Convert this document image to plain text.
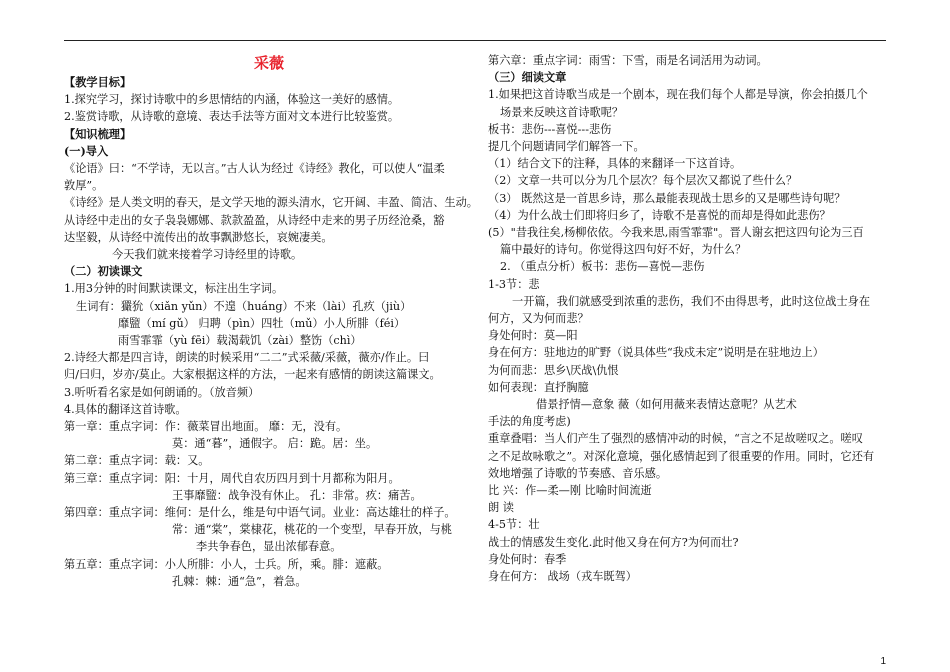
采薇
【教学目标】
1.探究学习，探讨诗歌中的乡思情结的内涵，体验这一美好的感情。
2.鉴赏诗歌，从诗歌的意境、表达手法等方面对文本进行比较鉴赏。
【知识梳理】
(一)导入
《论语》曰：“不学诗，无以言。”古人认为经过《诗经》教化，可以使人“温柔
敦厚”。
《诗经》是人类文明的春天，是文学天地的源头清水，它开阔、丰盈、简洁、生动。
从诗经中走出的女子袅袅娜娜、款款盈盈，从诗经中走来的男子历经沧桑，豁
达坚毅，从诗经中流传出的故事飘渺悠长，哀婉凄美。
今天我们就来接着学习诗经里的诗歌。
（二）初读课文
1.用3分钟的时间默读课文，标注出生字词。
生词有：玁狁（xiǎn yǔn）不遑（huáng）不来（lài）孔疚（jiù）
靡盬（mí gǔ） 归聘（pìn）四牡（mǔ）小人所腓（féi）
雨雪霏霏（yù fēi）载渴载饥（zài）整饬（chì）
2.诗经大都是四言诗，朗读的时候采用“二二”式采薇/采薇，薇亦/作止。曰
归/曰归，岁亦/莫止。大家根据这样的方法，一起来有感情的朗读这篇课文。
3.听听看名家是如何朗诵的。（放音频）
4.具体的翻译这首诗歌。
第一章：重点字词：作：薇菜冒出地面。 靡：无，没有。
莫：通“暮”，通假字。 启：跪。居：坐。
第二章：重点字词：载：又。
第三章：重点字词：阳：十月，周代自农历四月到十月都称为阳月。
王事靡盬：战争没有休止。 孔：非常。疚：痛苦。
第四章：重点字词：维何：是什么，维是句中语气词。业业：高达雄壮的样子。
常：通“棠”，棠棣花，桃花的一个变型，早春开放，与桃
李共争春色，显出浓郁春意。
第五章：重点字词：小人所腓：小人，士兵。所，乘。腓：遮蔽。
孔棘：棘：通“急”，着急。
第六章：重点字词：雨雪：下雪，雨是名词活用为动词。
（三）细读文章
1.如果把这首诗歌当成是一个剧本，现在我们每个人都是导演，你会拍摄几个
场景来反映这首诗歌呢？
板书：悲伤---喜悦---悲伤
提几个问题请同学们解答一下。
（1）结合文下的注释，具体的来翻译一下这首诗。
（2）文章一共可以分为几个层次？每个层次又都说了些什么？
（3） 既然这是一首思乡诗，那么最能表现战士思乡的又是哪些诗句呢？
（4）为什么战士们即将归乡了，诗歌不是喜悦的而却是得如此悲伤？
(5）"昔我往矣,杨柳依依。今我来思,雨雪霏霏"。晋人谢玄把这四句论为三百
篇中最好的诗句。你觉得这四句好不好，为什么？
2. （重点分析）板书：悲伤—喜悦—悲伤
1-3节：悲
一开篇，我们就感受到浓重的悲伤，我们不由得思考，此时这位战士身在
何方，又为何而悲？
身处何时：莫—阳
身在何方：驻地边的旷野（说具体些“我戍未定”说明是在驻地边上）
为何而悲：思乡\厌战\仇恨
如何表现：直抒胸臆
借景抒情—意象 薇（如何用薇来表情达意呢？从艺术
手法的角度考虑)
重章叠唱：当人们产生了强烈的感情冲动的时候，“言之不足故嗟叹之。嗟叹
之不足故咏歌之”。对深化意境，强化感情起到了很重要的作用。同时，它还有
效地增强了诗歌的节奏感、音乐感。
比 兴：作—柔—刚 比喻时间流逝
朗 读
4-5节：壮
战士的情感发生变化.此时他又身在何方?为何而壮?
身处何时：春季
身在何方： 战场（戎车既驾）
1
